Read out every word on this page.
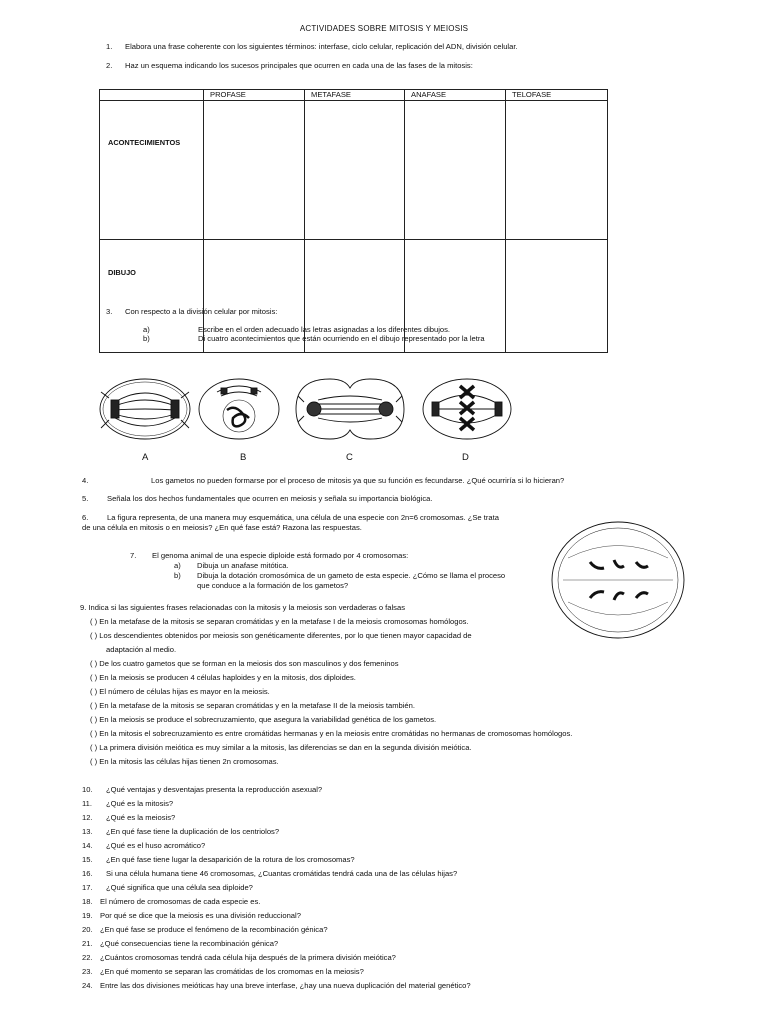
ACTIVIDADES SOBRE MITOSIS Y MEIOSIS
1. Elabora una frase coherente con los siguientes términos: interfase, ciclo celular, replicación del ADN, división celular.
2. Haz un esquema indicando los sucesos principales que ocurren en cada una de las fases de la mitosis:
	PROFASE	METAFASE	ANAFASE	TELOFASE
ACONTECIMIENTOS				
DIBUJO				
3. Con respecto a la división celular por mitosis:
a)	Escribe en el orden adecuado las letras asignadas a los diferentes dibujos.
b)	Di cuatro acontecimientos que están ocurriendo en el dibujo representado por la letra
A	B	C	D
4.	Los gametos no pueden formarse por el proceso de mitosis ya que su función es fecundarse. ¿Qué ocurriría si lo hicieran?
5. Señala los dos hechos fundamentales que ocurren en meiosis y señala su importancia biológica.
6. La figura representa, de una manera muy esquemática, una célula de una especie con 2n=6 cromosomas. ¿Se trata
de una célula en mitosis o en meiosis? ¿En qué fase está? Razona las respuestas.
7. El genoma animal de una especie diploide está formado por 4 cromosomas:
a) Dibuja un anafase mitótica.
b) Dibuja la dotación cromosómica de un gameto de esta especie. ¿Cómo se llama el proceso
que conduce a la formación de los gametos?
9. Indica si las siguientes frases relacionadas con la mitosis y la meiosis son verdaderas o falsas
( ) En la metafase de la mitosis se separan cromátidas y en la metafase I de la meiosis cromosomas homólogos.
( ) Los descendientes obtenidos por meiosis son genéticamente diferentes, por lo que tienen mayor capacidad de
adaptación al medio.
( ) De los cuatro gametos que se forman en la meiosis dos son masculinos y dos femeninos
( ) En la meiosis se producen 4 células haploides y en la mitosis, dos diploides.
( ) El número de células hijas es mayor en la meiosis.
( ) En la metafase de la mitosis se separan cromátidas y en la metafase II de la meiosis también.
( ) En la meiosis se produce el sobrecruzamiento, que asegura la variabilidad genética de los gametos.
( ) En la mitosis el sobrecruzamiento es entre cromátidas hermanas y en la meiosis entre cromátidas no hermanas de cromosomas homólogos.
( ) La primera división meiótica es muy similar a la mitosis, las diferencias se dan en la segunda división meiótica.
( ) En la mitosis las células hijas tienen 2n cromosomas.
10. ¿Qué ventajas y desventajas presenta la reproducción asexual?
11. ¿Qué es la mitosis?
12. ¿Qué es la meiosis?
13. ¿En qué fase tiene la duplicación de los centriolos?
14. ¿Qué es el huso acromático?
15. ¿En qué fase tiene lugar la desaparición de la rotura de los cromosomas?
16. Si una célula humana tiene 46 cromosomas, ¿Cuantas cromátidas tendrá cada una de las células hijas?
17. ¿Qué significa que una célula sea diploide?
18. El número de cromosomas de cada especie es.
19. Por qué se dice que la meiosis es una división reduccional?
20. ¿En qué fase se produce el fenómeno de la recombinación génica?
21. ¿Qué consecuencias tiene la recombinación génica?
22. ¿Cuántos cromosomas tendrá cada célula hija después de la primera división meiótica?
23. ¿En qué momento se separan las cromátidas de los cromomas en la meiosis?
24. Entre las dos divisiones meióticas hay una breve interfase, ¿hay una nueva duplicación del material genético?
